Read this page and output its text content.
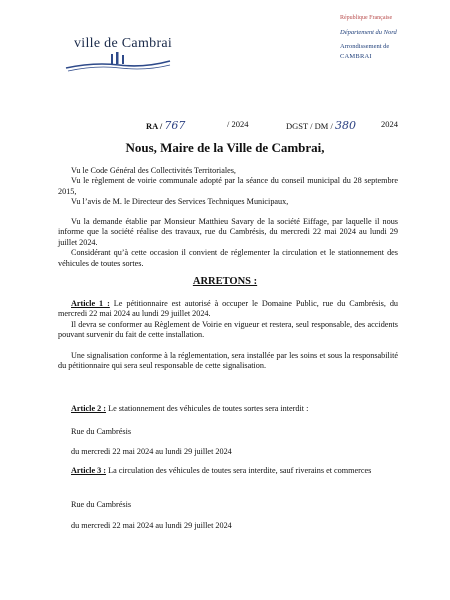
ville de Cambrai
République Française
Département du Nord
Arrondissement de
CAMBRAI
RA / 767	/ 2024	DGST / DM / 380	2024
Nous, Maire de la Ville de Cambrai,

Vu le Code Général des Collectivités Territoriales,

Vu le règlement de voirie communale adopté par la séance du conseil municipal du 28 septembre 2015,

Vu l’avis de M. le Directeur des Services Techniques Municipaux,

Vu la demande établie par Monsieur Matthieu Savary de la société Eiffage, par laquelle il nous informe que la société réalise des travaux, rue du Cambrésis, du mercredi 22 mai 2024 au lundi 29 juillet 2024.

Considérant qu’à cette occasion il convient de réglementer la circulation et le stationnement des véhicules de toutes sortes.

ARRETONS :

Article 1 : Le pétitionnaire est autorisé à occuper le Domaine Public, rue du Cambrésis, du mercredi 22 mai 2024 au lundi 29 juillet 2024.

Il devra se conformer au Règlement de Voirie en vigueur et restera, seul responsable, des accidents pouvant survenir du fait de cette installation.

Une signalisation conforme à la réglementation, sera installée par les soins et sous la responsabilité du pétitionnaire qui sera seul responsable de cette signalisation.

Article 2 : Le stationnement des véhicules de toutes sortes sera interdit :

Rue du Cambrésis

du mercredi 22 mai 2024 au lundi 29 juillet 2024

Article 3 : La circulation des véhicules de toutes sera interdite, sauf riverains et commerces

Rue du Cambrésis

du mercredi 22 mai 2024 au lundi 29 juillet 2024
